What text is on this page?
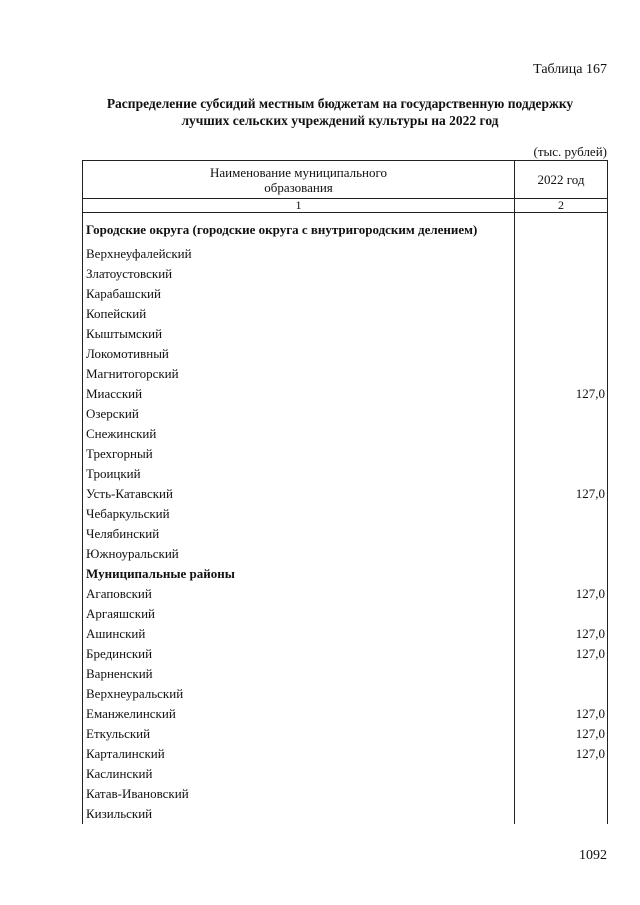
Таблица 167
Распределение субсидий местным бюджетам на государственную поддержку
лучших сельских учреждений культуры на 2022 год
(тыс. рублей)
Наименование муниципального
образования	2022 год
1	2
Городские округа (городские округа с внутригородским делением)	
Верхнеуфалейский	
Златоустовский	
Карабашский	
Копейский	
Кыштымский	
Локомотивный	
Магнитогорский	
Миасский	127,0
Озерский	
Снежинский	
Трехгорный	
Троицкий	
Усть-Катавский	127,0
Чебаркульский	
Челябинский	
Южноуральский	
Муниципальные районы	
Агаповский	127,0
Аргаяшский	
Ашинский	127,0
Брединский	127,0
Варненский	
Верхнеуральский	
Еманжелинский	127,0
Еткульский	127,0
Карталинский	127,0
Каслинский	
Катав-Ивановский	
Кизильский	
1092
